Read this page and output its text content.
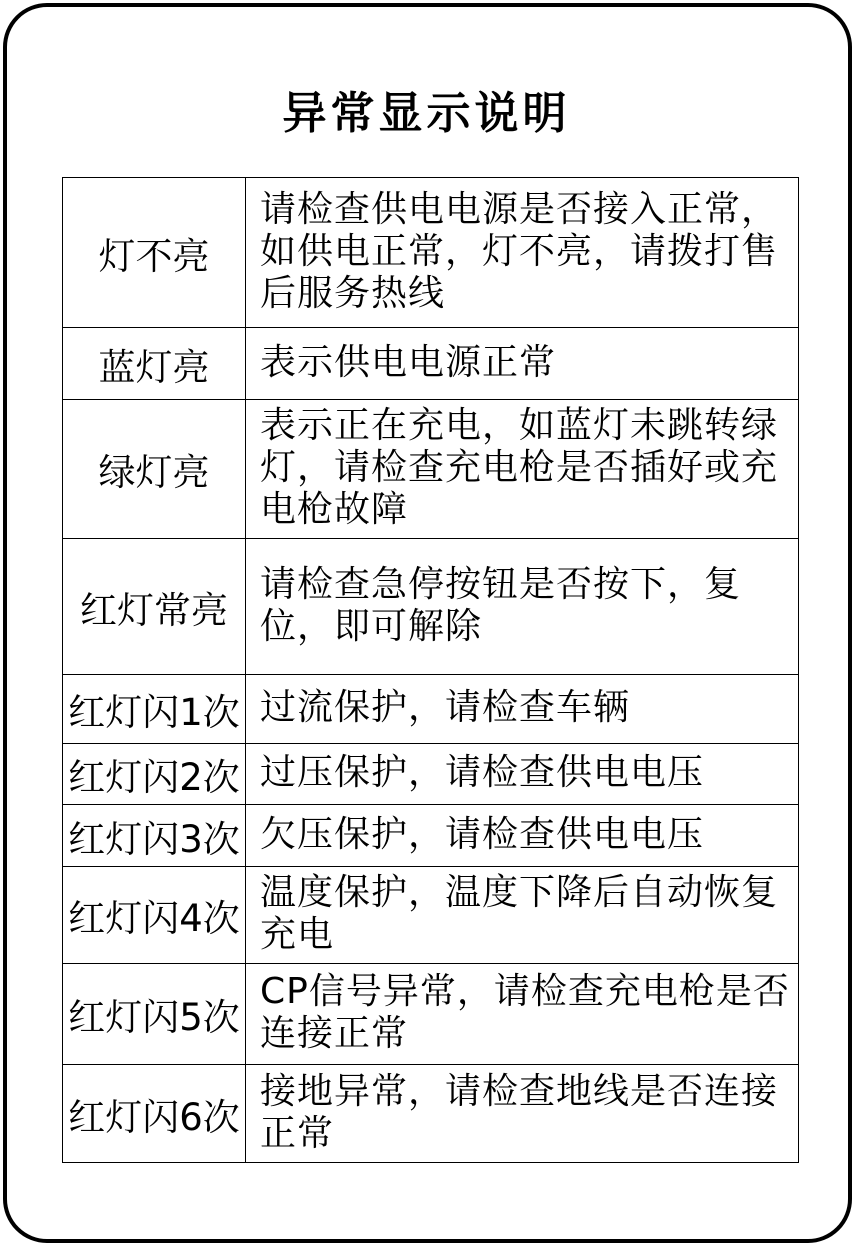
异常显示说明
灯不亮	请检查供电电源是否接入正常，如供电正常，灯不亮，请拨打售后服务热线
蓝灯亮	表示供电电源正常
绿灯亮	表示正在充电，如蓝灯未跳转绿灯，请检查充电枪是否插好或充电枪故障
红灯常亮	请检查急停按钮是否按下，复位，即可解除
红灯闪1次	过流保护，请检查车辆
红灯闪2次	过压保护，请检查供电电压
红灯闪3次	欠压保护，请检查供电电压
红灯闪4次	温度保护，温度下降后自动恢复充电
红灯闪5次	CP信号异常，请检查充电枪是否连接正常
红灯闪6次	接地异常，请检查地线是否连接正常
